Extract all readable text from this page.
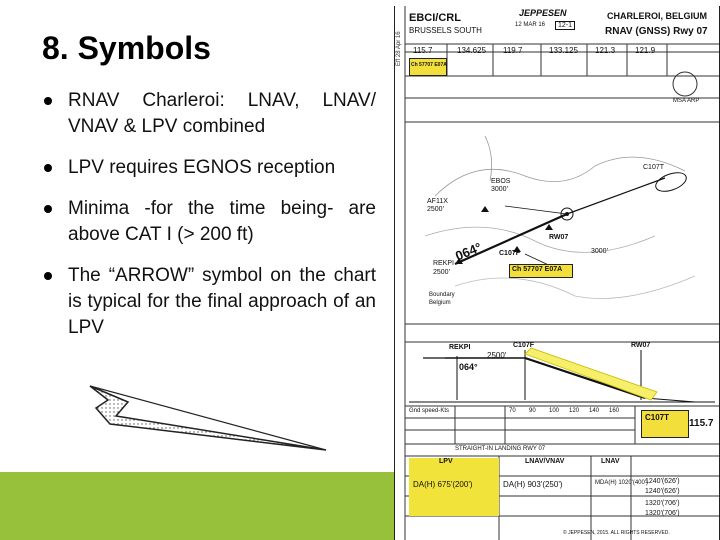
8. Symbols
RNAV Charleroi: LNAV, LNAV/ VNAV & LPV combined
LPV requires EGNOS reception
Minima -for the time being- are above CAT I (> 200 ft)
The “ARROW” symbol on the chart is typical for the final approach of an LPV
Eff 28 Apr 16
EBCI/CRL
BRUSSELS SOUTH
JEPPESEN
12 MAR 16	12-1
CHARLEROI, BELGIUM
RNAV (GNSS) Rwy 07
115.7	134.625 119.7	133.125 121.3 121.9
Ch 57707 E07A
064°
AF11X
2500'
REKPI
2500'
EBOS
3000'
C107T
C107F
RW07
3000'
Ch 57707 E07A
Belgium
Boundary
MSA ARP
REKPI	C107F	RW07
2500'
064°
Gnd speed-Kts	70 90 100 120 140 160
C107T
115.7
STRAIGHT-IN LANDING RWY 07
LPV	LNAV/VNAV	LNAV
DA(H) 675'(200')	DA(H) 903'(250')	MDA(H) 1020'(400')
1240'(626')
1240'(626')
1320'(706')
1320'(706')
© JEPPESEN, 2015. ALL RIGHTS RESERVED.
